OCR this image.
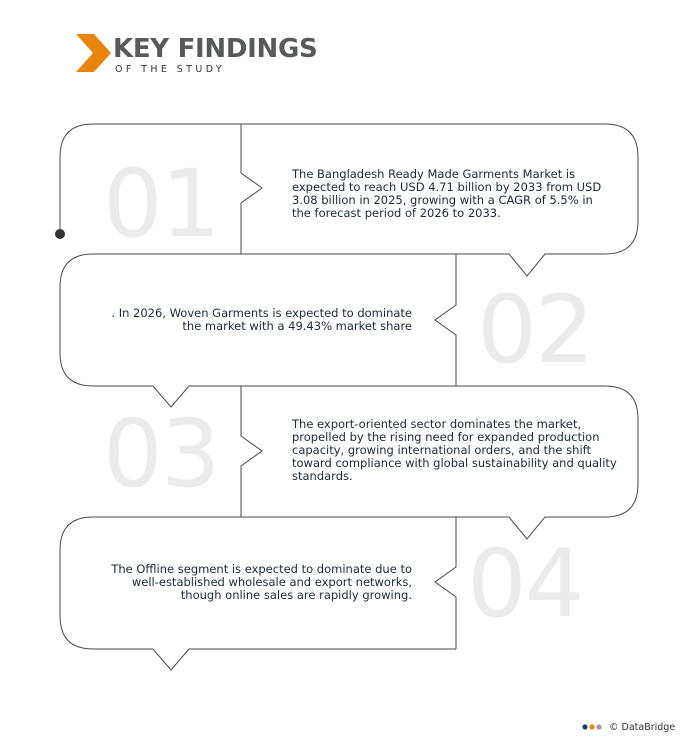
KEY FINDINGS
OF THE STUDY
01	The Bangladesh Ready Made Garments Market is expected to reach USD 4.71 billion by 2033 from USD 3.08 billion in 2025, growing with a CAGR of 5.5% in the forecast period of 2026 to 2033.
02
. In 2026, Woven Garments is expected to dominate the market with a 49.43% market share
03	The export-oriented sector dominates the market, propelled by the rising need for expanded production capacity, growing international orders, and the shift toward compliance with global sustainability and quality standards.
04
The Offline segment is expected to dominate due to well-established wholesale and export networks, though online sales are rapidly growing.
© DataBridge
